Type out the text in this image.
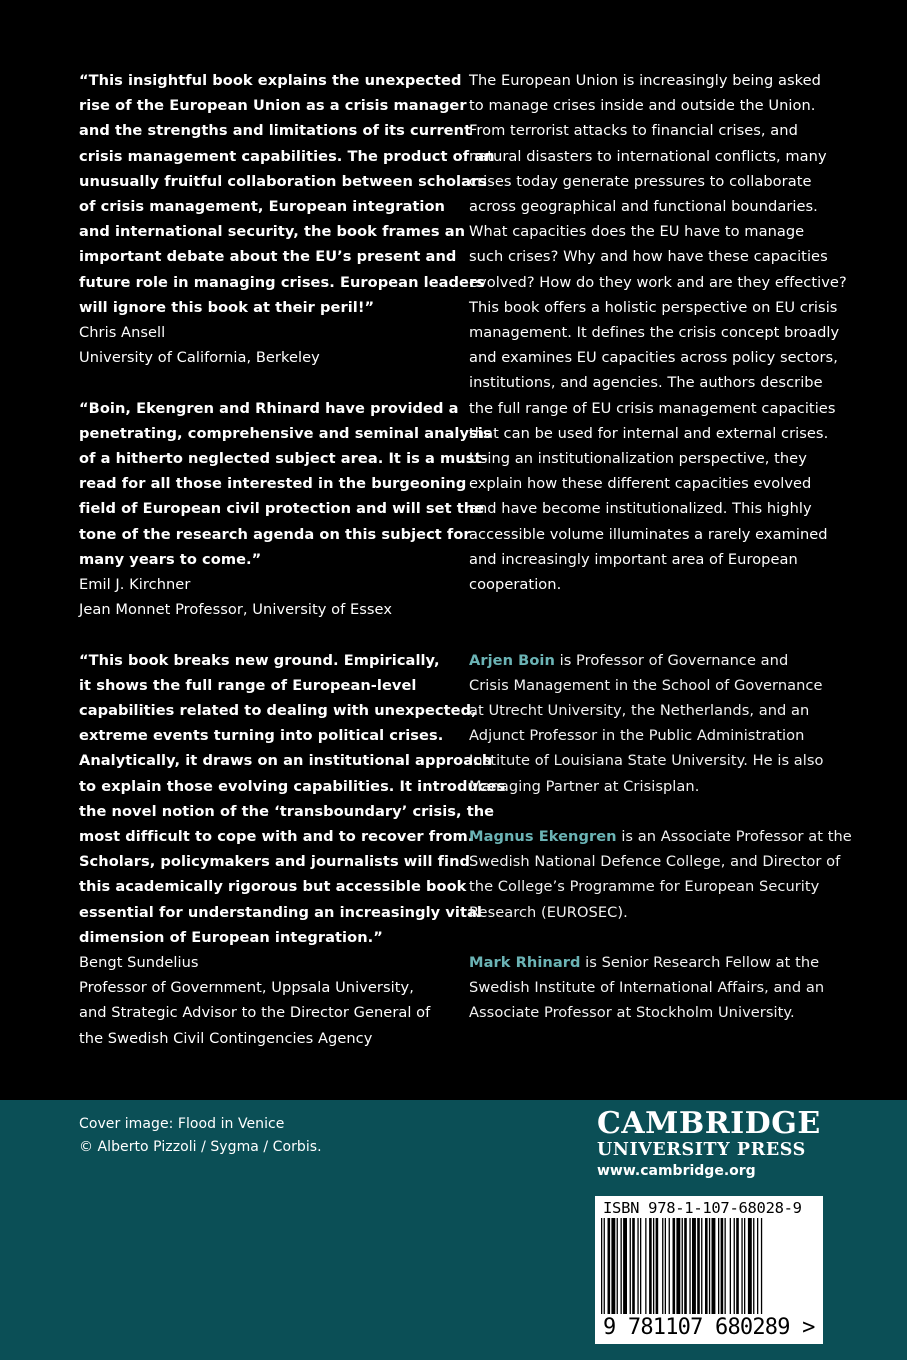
“This insightful book explains the unexpected
rise of the European Union as a crisis manager
and the strengths and limitations of its current
crisis management capabilities. The product of an
unusually fruitful collaboration between scholars
of crisis management, European integration
and international security, the book frames an
important debate about the EU’s present and
future role in managing crises. European leaders
will ignore this book at their peril!”
Chris Ansell
University of California, Berkeley
“Boin, Ekengren and Rhinard have provided a
penetrating, comprehensive and seminal analysis
of a hitherto neglected subject area. It is a must-
read for all those interested in the burgeoning
field of European civil protection and will set the
tone of the research agenda on this subject for
many years to come.”
Emil J. Kirchner
Jean Monnet Professor, University of Essex
“This book breaks new ground. Empirically,
it shows the full range of European-level
capabilities related to dealing with unexpected,
extreme events turning into political crises.
Analytically, it draws on an institutional approach
to explain those evolving capabilities. It introduces
the novel notion of the ‘transboundary’ crisis, the
most difficult to cope with and to recover from.
Scholars, policymakers and journalists will find
this academically rigorous but accessible book
essential for understanding an increasingly vital
dimension of European integration.”
Bengt Sundelius
Professor of Government, Uppsala University,
and Strategic Advisor to the Director General of
the Swedish Civil Contingencies Agency
The European Union is increasingly being asked
to manage crises inside and outside the Union.
From terrorist attacks to financial crises, and
natural disasters to international conflicts, many
crises today generate pressures to collaborate
across geographical and functional boundaries.
What capacities does the EU have to manage
such crises? Why and how have these capacities
evolved? How do they work and are they effective?
This book offers a holistic perspective on EU crisis
management. It defines the crisis concept broadly
and examines EU capacities across policy sectors,
institutions, and agencies. The authors describe
the full range of EU crisis management capacities
that can be used for internal and external crises.
Using an institutionalization perspective, they
explain how these different capacities evolved
and have become institutionalized. This highly
accessible volume illuminates a rarely examined
and increasingly important area of European
cooperation.
Arjen Boin is Professor of Governance and
Crisis Management in the School of Governance
at Utrecht University, the Netherlands, and an
Adjunct Professor in the Public Administration
Institute of Louisiana State University. He is also
Managing Partner at Crisisplan.
Magnus Ekengren is an Associate Professor at the
Swedish National Defence College, and Director of
the College’s Programme for European Security
Research (EUROSEC).
Mark Rhinard is Senior Research Fellow at the
Swedish Institute of International Affairs, and an
Associate Professor at Stockholm University.
Cover image: Flood in Venice
© Alberto Pizzoli / Sygma / Corbis.
CAMBRIDGE
UNIVERSITY PRESS
www.cambridge.org
ISBN 978-1-107-68028-9
9 781107 680289 >
